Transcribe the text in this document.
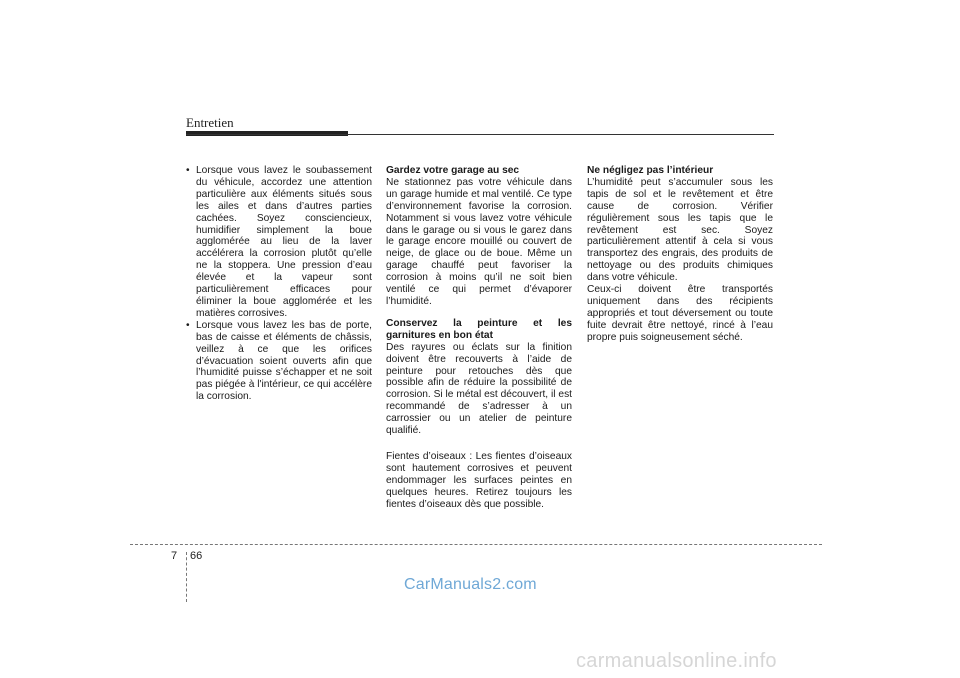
Entretien

• Lorsque vous lavez le soubassement du véhicule, accordez une attention particulière aux éléments situés sous les ailes et dans d’autres parties cachées. Soyez consciencieux, humidifier simplement la boue agglomérée au lieu de la laver accélérera la corrosion plutôt qu’elle ne la stoppera. Une pression d’eau élevée et la vapeur sont particulièrement efficaces pour éliminer la boue agglomérée et les matières corrosives.

• Lorsque vous lavez les bas de porte, bas de caisse et éléments de châssis, veillez à ce que les orifices d’évacuation soient ouverts afin que l’humidité puisse s’échapper et ne soit pas piégée à l'intérieur, ce qui accélère la corrosion.

Gardez votre garage au sec

Ne stationnez pas votre véhicule dans un garage humide et mal ventilé. Ce type d’environnement favorise la corrosion. Notamment si vous lavez votre véhicule dans le garage ou si vous le garez dans le garage encore mouillé ou couvert de neige, de glace ou de boue. Même un garage chauffé peut favoriser la corrosion à moins qu’il ne soit bien ventilé ce qui permet d’évaporer l’humidité.

Conservez la peinture et les garnitures en bon état

Des rayures ou éclats sur la finition doivent être recouverts à l’aide de peinture pour retouches dès que possible afin de réduire la possibilité de corrosion. Si le métal est découvert, il est recommandé de s’adresser à un carrossier ou un atelier de peinture qualifié.

Fientes d’oiseaux : Les fientes d’oiseaux sont hautement corrosives et peuvent endommager les surfaces peintes en quelques heures. Retirez toujours les fientes d’oiseaux dès que possible.

Ne négligez pas l’intérieur

L’humidité peut s’accumuler sous les tapis de sol et le revêtement et être cause de corrosion. Vérifier régulièrement sous les tapis que le revêtement est sec. Soyez particulièrement attentif à cela si vous transportez des engrais, des produits de nettoyage ou des produits chimiques dans votre véhicule.

Ceux-ci doivent être transportés uniquement dans des récipients appropriés et tout déversement ou toute fuite devrait être nettoyé, rincé à l’eau propre puis soigneusement séché.

7 66
CarManuals2.com
carmanualsonline.info
